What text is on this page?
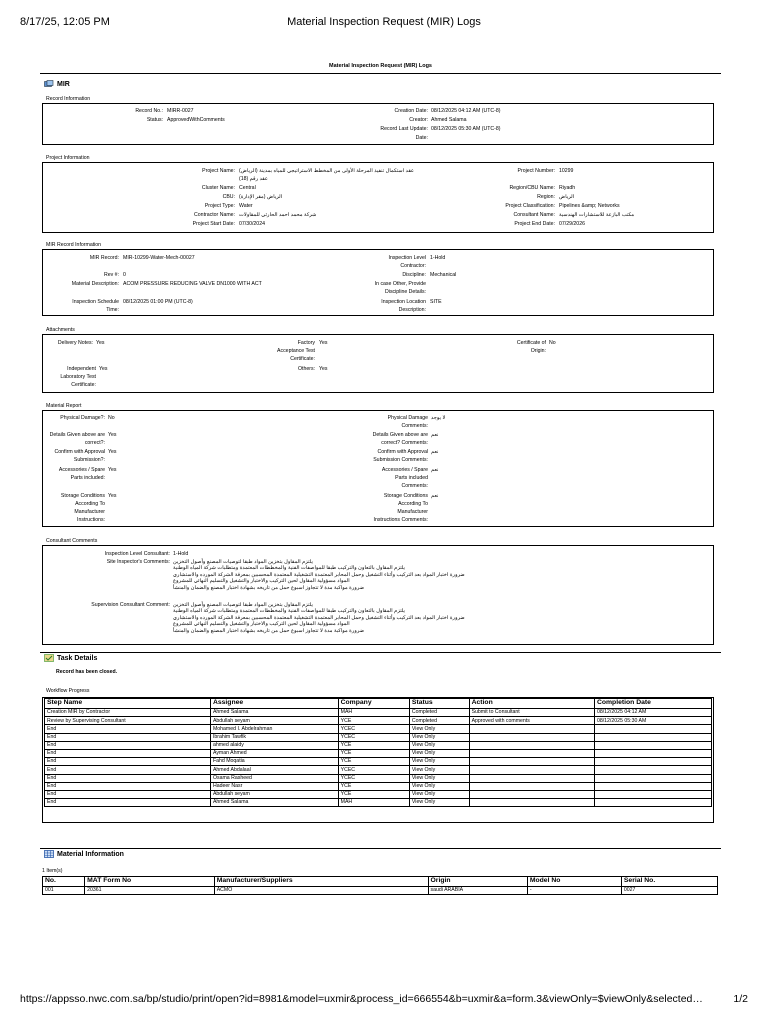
8/17/25, 12:05 PM	Material Inspection Request (MIR) Logs
Material Inspection Request (MIR) Logs
MIR
Record Information
Record No.: MIRR-0027
Status: ApprovedWithComments
Creation Date: 08/12/2025 04:12 AM (UTC-8)
Creator: Ahmed Salama
Record Last Update: 08/12/2025 05:30 AM (UTC-8)
Date:
Project Information
Project Name: عقد استكمال تنفيذ المرحلة الأولى من المخطط الاستراتيجي للمياه بمدينة (الرياض)
عقد رقم (18)
Cluster Name: Central
CBU: الرياض (مقر الإدارة)
Project Type: Water
Contractor Name: شركة محمد احمد الحارثي للمقاولات
Project Start Date: 07/30/2024
Project Number: 10299
Region/CBU Name: Riyadh
Region: الرياض
Project Classification: Pipelines &amp; Networks
Consultant Name: مكتب البازعة للاستشارات الهندسية
Project End Date: 07/29/2026
MIR Record Information
MIR Record: MIR-10299-Water-Mech-00027
Rev #: 0
Material Description: ACOM PRESSURE REDUCING VALVE DN1000 WITH ACT
Inspection Schedule 08/12/2025 01:00 PM (UTC-8)
Time:
Inspection Level 1-Hold
Contractor:
Discipline: Mechanical
In case Other, Provide
Discipline Details:
Inspection Location SITE
Description:
Attachments
Delivery Notes: Yes
Independent Yes
Laboratory Test
Certificate:
Factory Yes
Acceptance Test
Certificate:
Others: Yes
Certificate of No
Origin:
Material Report
Physical Damage?: No
Details Given above are Yes
correct?:
Confirm with Approval Yes
Submission?:
Accessories / Spare Yes
Parts included:
Storage Conditions Yes
According To
Manufacturer
Instructions:
Physical Damage لا يوجد
Comments:
Details Given above are نعم
correct? Comments:
Confirm with Approval نعم
Submission Comments:
Accessories / Spare نعم
Parts included
Comments:
Storage Conditions نعم
According To
Manufacturer
Instructions Comments:
Consultant Comments
Inspection Level Consultant: 1-Hold
Site Inspector's Comments: يلتزم المقاول بتخزين المواد طبقا لتوصيات المصنع وأصول التخزين
يلتزم المقاول بالتعاون والتركيب طبقا للمواصفات الفنية والمخططات المعتمدة ومتطلبات شركة المياه الوطنية
ضرورة اختبار المواد بعد التركيب وأثناء التشغيل وحمل المحابر المعتمدة التشغيلية المعتمدة المحسبين بمعرفة الشركة المورده والاستشاري
المواد مسؤولية المقاول لحين التركيب والاختبار والتشغيل والتسليم النهائي للمشروع
ضرورة مواكبة مدة لا تتجاوز اسبوع حمل من تاريخه بشهادة اختبار المصنع والضمان والمنشأ
Supervision Consultant Comment: يلتزم المقاول بتخزين المواد طبقا لتوصيات المصنع وأصول التخزين
يلتزم المقاول بالتعاون والتركيب طبقا للمواصفات الفنية والمخططات المعتمدة ومتطلبات شركة المياه الوطنية
ضرورة اختبار المواد بعد التركيب وأثناء التشغيل وحمل المحابر المعتمدة التشغيلية المعتمدة المحسبين بمعرفة الشركة المورده والاستشاري
المواد مسؤولية المقاول لحين التركيب والاختبار والتشغيل والتسليم النهائي للمشروع
ضرورة مواكبة مدة لا تتجاوز اسبوع حمل من تاريخه بشهادة اختبار المصنع والضمان والمنشأ
Task Details
Record has been closed.
Workflow Progress
Step Name	Assignee	Company	Status	Action	Completion Date
Creation MIR by Contractor	Ahmed Salama	MAH	Completed	Submit to Consultant	08/12/2025 04:12 AM
Review by Supervising Consultant	Abdullah seyam	YCE	Completed	Approved with comments	08/12/2025 05:30 AM
End	Mohamed I. Abdelrahman	YCEC	View Only		
End	Ibrahim Tawfik	YCEC	View Only		
End	ahmed alaidy	YCE	View Only		
End	Ayman Ahmed	YCE	View Only		
End	Fahd Moqatia	YCE	View Only		
End	Ahmed Abdalaal	YCEC	View Only		
End	Osama Rasheed	YCEC	View Only		
End	Hadeer Nasr	YCE	View Only		
End	Abdullah seyam	YCE	View Only		
End	Ahmed Salama	MAH	View Only		
Material Information
1 Item(s)
No.	MAT Form No	Manufacturer/Suppliers	Origin	Model No	Serial No.
001	20361	ACMO	saudi ARABIA	-	0027
https://appsso.nwc.com.sa/bp/studio/print/open?id=8981&model=uxmir&process_id=666554&b=uxmir&a=form.3&viewOnly=$viewOnly&selected…	1/2
